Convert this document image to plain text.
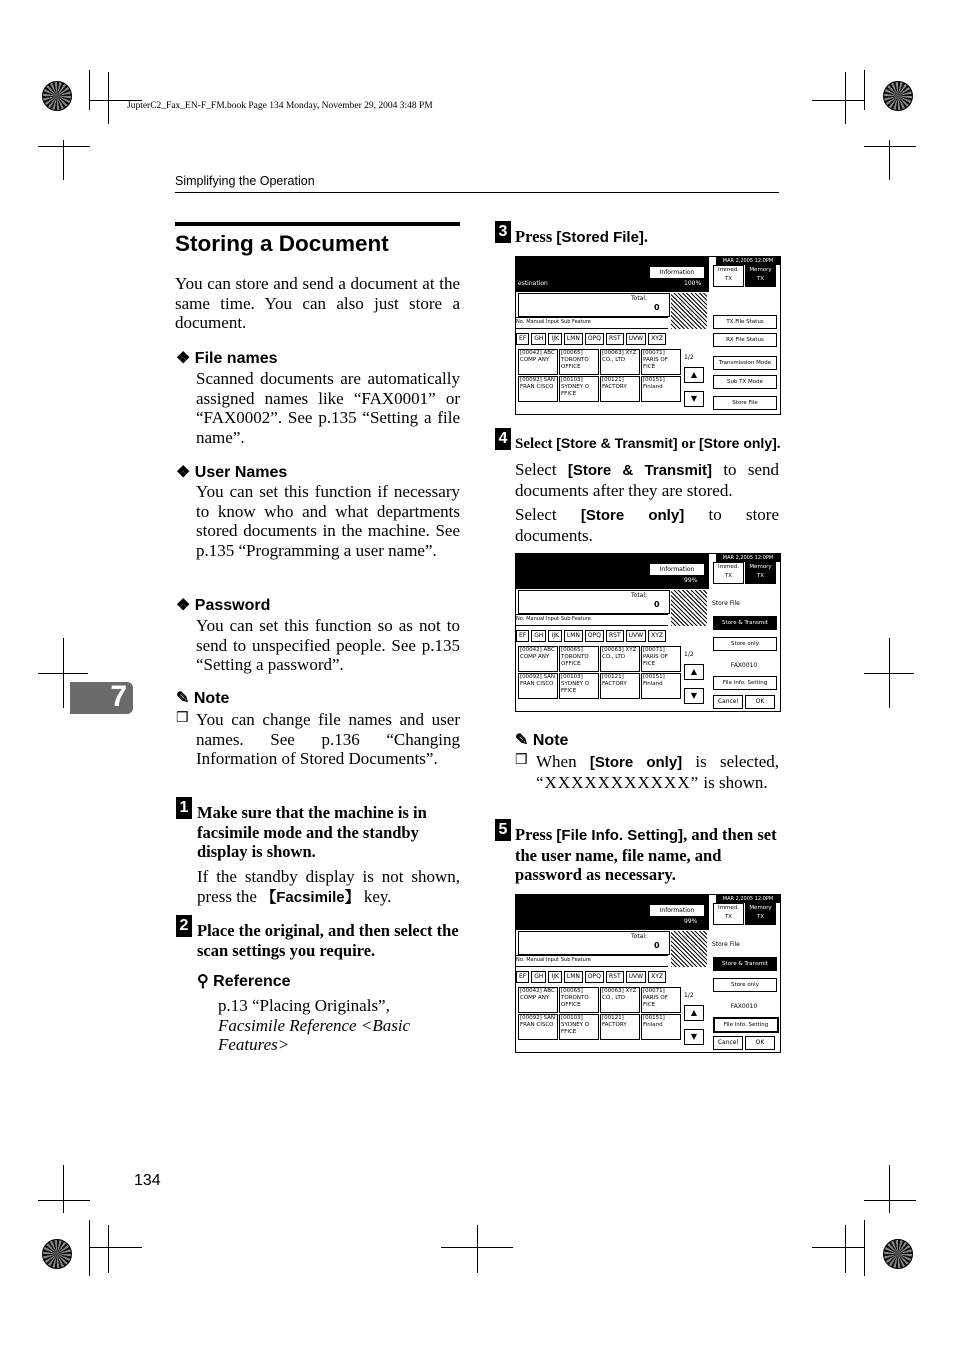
JupterC2_Fax_EN-F_FM.book Page 134 Monday, November 29, 2004 3:48 PM
Simplifying the Operation
7
Storing a Document

You can store and send a document at the same time. You can also just store a document.

❖ File names

Scanned documents are automatically assigned names like “FAX0001” or “FAX0002”. See p.135 “Setting a file name”.

❖ User Names

You can set this function if necessary to know who and what departments stored documents in the machine. See p.135 “Programming a user name”.

❖ Password

You can set this function so as not to send to unspecified people. See p.135 “Setting a password”.

✎ Note
❒ You can change file names and user names. See p.136 “Changing Information of Stored Documents”.

1 Make sure that the machine is in facsimile mode and the standby display is shown.

If the standby display is not shown, press the 【Facsimile】 key.

2 Place the original, and then select the scan settings you require.

⚲ Reference

p.13 “Placing Originals”, Facsimile Reference <Basic Features>

134
3 Press [Stored File].

MAR 2,2005 12:0PM
Information
estination	100%
Total:
0
No. Manual Input Sub Feature
EF	GH	IJK	LMN	OPQ	RST	UVW	XYZ
[00042] ABC COMP ANY
[00065] TORONTO OFFICE
[00063] XYZ CO., LTD
[00071] PARIS OF FICE
[00092] SAN FRAN CISCO
[00103] SYDNEY O FFICE
[00121] FACTORY
[00151] Finland
1/2
▲
▼
Immed. TX
Memory TX
TX File Status
RX File Status
Transmission Mode
Sub TX Mode
Store File
4 Select [Store & Transmit] or [Store only].

Select [Store & Transmit] to send documents after they are stored.

Select [Store only] to store documents.

MAR 2,2005 12:0PM
Information
99%
Total:
0
No. Manual Input Sub Feature
EF	GH	IJK	LMN	OPQ	RST	UVW	XYZ
[00042] ABC COMP ANY
[00065] TORONTO OFFICE
[00063] XYZ CO., LTD
[00071] PARIS OF FICE
[00092] SAN FRAN CISCO
[00103] SYDNEY O FFICE
[00121] FACTORY
[00151] Finland
1/2
▲
▼
Immed. TX
Memory TX
Store File
Store & Transmit
Store only
FAX0010
File Info. Setting
Cancel	OK
✎ Note
❒ When [Store only] is selected, “XXXXXXXXXXX” is shown.

5 Press [File Info. Setting], and then set the user name, file name, and password as necessary.

MAR 2,2005 12:0PM
Information
99%
Total:
0
No. Manual Input Sub Feature
EF	GH	IJK	LMN	OPQ	RST	UVW	XYZ
[00042] ABC COMP ANY
[00065] TORONTO OFFICE
[00063] XYZ CO., LTD
[00071] PARIS OF FICE
[00092] SAN FRAN CISCO
[00103] SYDNEY O FFICE
[00121] FACTORY
[00151] Finland
1/2
▲
▼
Immed. TX
Memory TX
Store File
Store & Transmit
Store only
FAX0010
File Info. Setting
Cancel	OK
